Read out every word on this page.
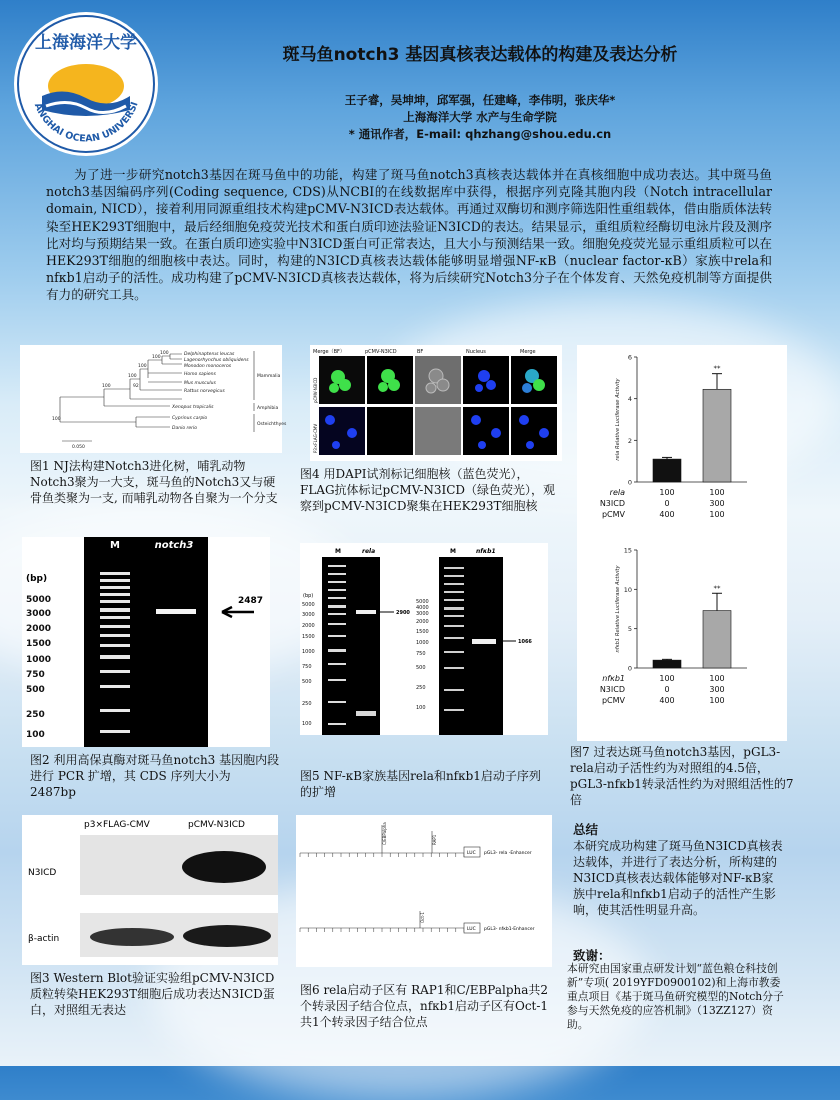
上海海洋大学
ANGHAI OCEAN UNIVERSI
斑马鱼notch3 基因真核表达载体的构建及表达分析
王子睿，吴坤坤，邱军强，任建峰，李伟明，张庆华*
上海海洋大学 水产与生命学院
* 通讯作者，E-mail: qhzhang@shou.edu.cn
为了进一步研究notch3基因在斑马鱼中的功能，构建了斑马鱼notch3真核表达载体并在真核细胞中成功表达。其中斑马鱼notch3基因编码序列(Coding sequence, CDS)从NCBI的在线数据库中获得，根据序列克隆其胞内段（Notch intracellular domain, NICD），接着利用同源重组技术构建pCMV-N3ICD表达载体。再通过双酶切和测序筛选阳性重组载体，借由脂质体法转染至HEK293T细胞中，最后经细胞免疫荧光技术和蛋白质印迹法验证N3ICD的表达。结果显示，重组质粒经酶切电泳片段及测序比对均与预期结果一致。在蛋白质印迹实验中N3ICD蛋白可正常表达，且大小与预测结果一致。细胞免疫荧光显示重组质粒可以在HEK293T细胞的细胞核中表达。同时，构建的N3ICD真核表达载体能够明显增强NF-κB（nuclear factor-κB）家族中rela和nfκb1启动子的活性。成功构建了pCMV-N3ICD真核表达载体，将为后续研究Notch3分子在个体发育、天然免疫机制等方面提供有力的研究工具。
Delphinapterus leucas
Lagenorhynchus obliquidens
Monodon monoceros
Homo sapiens
Mus musculus
Rattus norvegicus
Xenopus tropicalis
Cyprinus carpio
Danio rerio
Mammalia
Amphibia
Osteichthyes
100
100
100
100
100	92
100
0.050
图1 NJ法构建Notch3进化树，哺乳动物Notch3聚为一大支，斑马鱼的Notch3又与硬骨鱼类聚为一支, 而哺乳动物各自聚为一个分支
Merge（BF）	pCMV-N3ICD	BF	Nucleus	Merge
pCMV-N3ICD
P3×FLAG-CMV
图4 用DAPI试剂标记细胞核（蓝色荧光），FLAG抗体标记pCMV-N3ICD（绿色荧光），观察到pCMV-N3ICD聚集在HEK293T细胞核
0
2
4
6
rela Relative Luciferase Activity
**
rela	100	100
N3ICD	0	300
pCMV	400	100
0
5
10
15
nfκb1 Relative Luciferase Activity	**
nfκb1	100	100
N3ICD	0	300
pCMV	400	100
图7 过表达斑马鱼notch3基因，pGL3-rela启动子活性约为对照组的4.5倍，pGL3-nfκb1转录活性约为对照组活性的7倍
M	notch3
(bp)
5000
3000
2000
1500
1000
750
500
250
100
2487
图2 利用高保真酶对斑马鱼notch3 基因胞内段进行 PCR 扩增，其 CDS 序列大小为 2487bp
M	rela	M	nfκb1
(bp)
5000
3000
2000
1500
1000
750
500
250
100
2900
5000
4000
3000
2000
1500
1000
750
500
250
100
1066
图5 NF-κB家族基因rela和nfκb1启动子序列的扩增
p3×FLAG-CMV	pCMV-N3ICD
N3ICD
β-actin
图3 Western Blot验证实验组pCMV-N3ICD质粒转染HEK293T细胞后成功表达N3ICD蛋白，对照组无表达
C/EBPalpha	RAP1
Oct-1
LUC pGL3- rela -Enhancer
LUC pGL3- nfκb1-Enhancer
图6 rela启动子区有 RAP1和C/EBPalpha共2个转录因子结合位点，nfκb1启动子区有Oct-1共1个转录因子结合位点
总结
本研究成功构建了斑马鱼N3ICD真核表达载体，并进行了表达分析，所构建的N3ICD真核表达载体能够对NF-κB家族中rela和nfκb1启动子的活性产生影响，使其活性明显升高。
致谢：
本研究由国家重点研发计划“蓝色粮仓科技创新”专项( 2019YFD0900102)和上海市教委重点项目《基于斑马鱼研究模型的Notch分子参与天然免疫的应答机制》（13ZZ127）资助。
